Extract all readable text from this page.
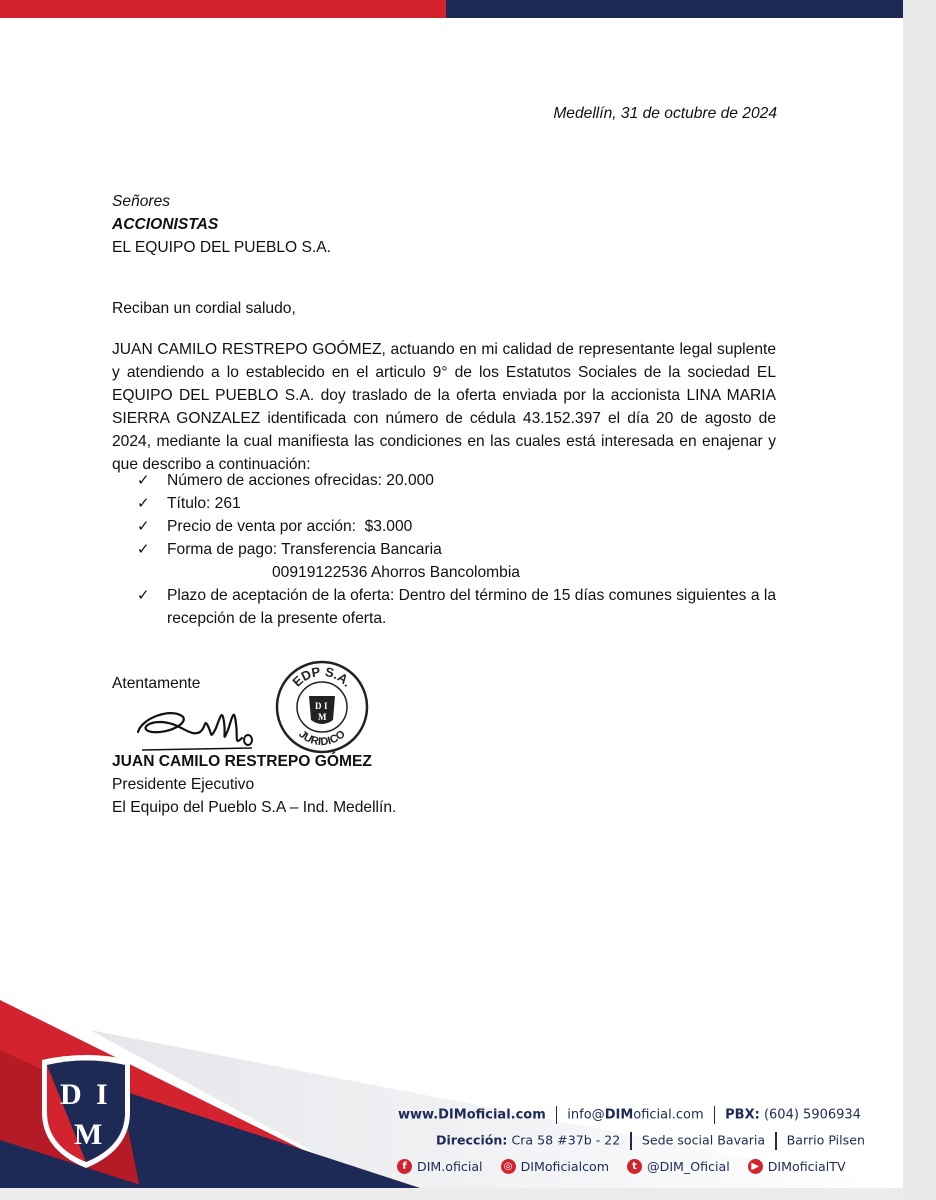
Medellín, 31 de octubre de 2024
Señores
ACCIONISTAS
EL EQUIPO DEL PUEBLO S.A.
Reciban un cordial saludo,
JUAN CAMILO RESTREPO GOÓMEZ, actuando en mi calidad de representante legal suplente y atendiendo a lo establecido en el articulo 9° de los Estatutos Sociales de la sociedad EL EQUIPO DEL PUEBLO S.A. doy traslado de la oferta enviada por la accionista LINA MARIA SIERRA GONZALEZ identificada con número de cédula 43.152.397 el día 20 de agosto de 2024, mediante la cual manifiesta las condiciones en las cuales está interesada en enajenar y que describo a continuación:
✓ Número de acciones ofrecidas: 20.000
✓ Título: 261
✓ Precio de venta por acción:  $3.000
✓ Forma de pago: Transferencia Bancaria
00919122536 Ahorros Bancolombia
✓ Plazo de aceptación de la oferta: Dentro del término de 15 días comunes siguientes a la recepción de la presente oferta.
Atentamente	EDP S.A.
JURIDICO
D I
M
JUAN CAMILO RESTREPO GÓMEZ
Presidente Ejecutivo
El Equipo del Pueblo S.A – Ind. Medellín.
D I
M
www.DIMoficial.com info@DIMoficial.com PBX: (604) 5906934
Dirección: Cra 58 #37b - 22 Sede social Bavaria Barrio Pilsen
f DIM.oficial
	◎ DIMoficialcom
	t @DIM_Oficial
	▶ DIMoficialTV
